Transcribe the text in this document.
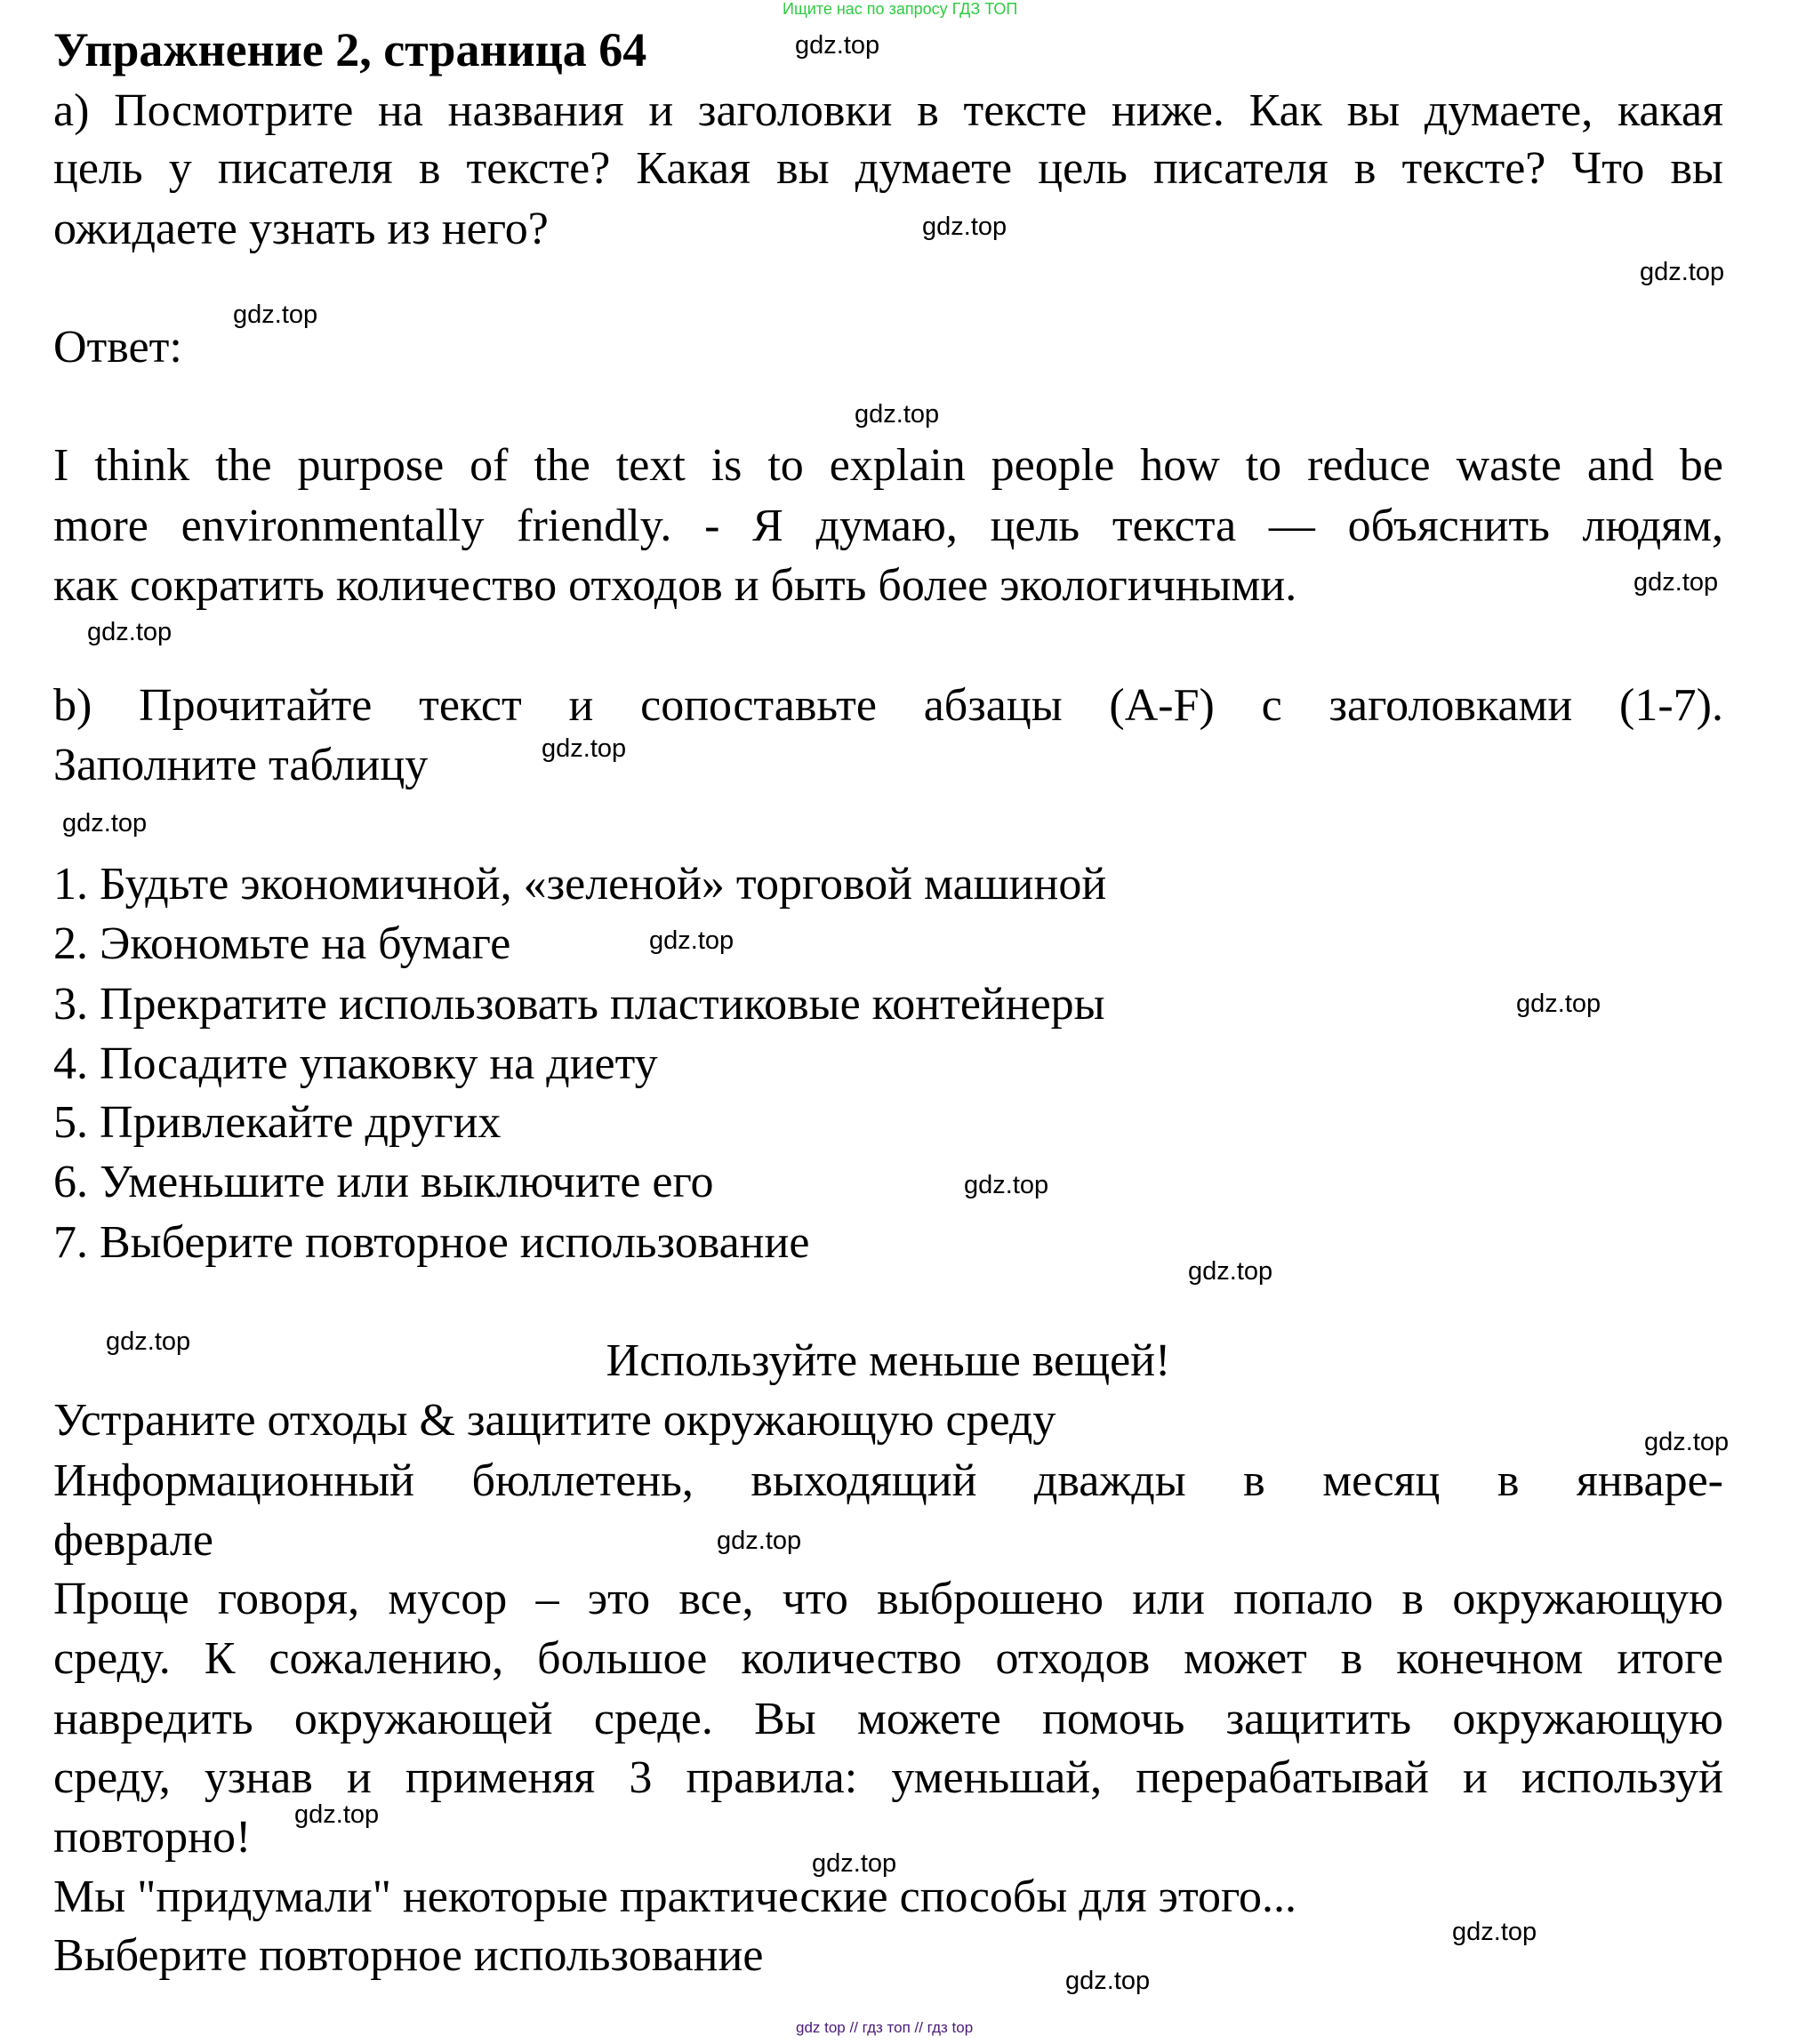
Ищите нас по запросу ГДЗ ТОП
Упражнение 2, страница 64
a) Посмотрите на названия и заголовки в тексте ниже. Как вы думаете, какая
цель у писателя в тексте? Какая вы думаете цель писателя в тексте? Что вы
ожидаете узнать из него?
Ответ:
I think the purpose of the text is to explain people how to reduce waste and be
more environmentally friendly. - Я думаю, цель текста — объяснить людям,
как сократить количество отходов и быть более экологичными.
b) Прочитайте текст и сопоставьте абзацы (A-F) с заголовками (1-7).
Заполните таблицу
1. Будьте экономичной, «зеленой» торговой машиной
2. Экономьте на бумаге
3. Прекратите использовать пластиковые контейнеры
4. Посадите упаковку на диету
5. Привлекайте других
6. Уменьшите или выключите его
7. Выберите повторное использование
Используйте меньше вещей!
Устраните отходы & защитите окружающую среду
Информационный бюллетень, выходящий дважды в месяц в январе-
феврале
Проще говоря, мусор – это все, что выброшено или попало в окружающую
среду. К сожалению, большое количество отходов может в конечном итоге
навредить окружающей среде. Вы можете помочь защитить окружающую
среду, узнав и применяя 3 правила: уменьшай, перерабатывай и используй
повторно!
Мы "придумали" некоторые практические способы для этого...
Выберите повторное использование
gdz.top
gdz.top
gdz.top
gdz.top
gdz.top
gdz.top
gdz.top
gdz.top
gdz.top
gdz.top
gdz.top
gdz.top
gdz.top
gdz.top
gdz.top
gdz.top
gdz.top
gdz.top
gdz.top
gdz.top
gdz top // гдз топ // гдз top
